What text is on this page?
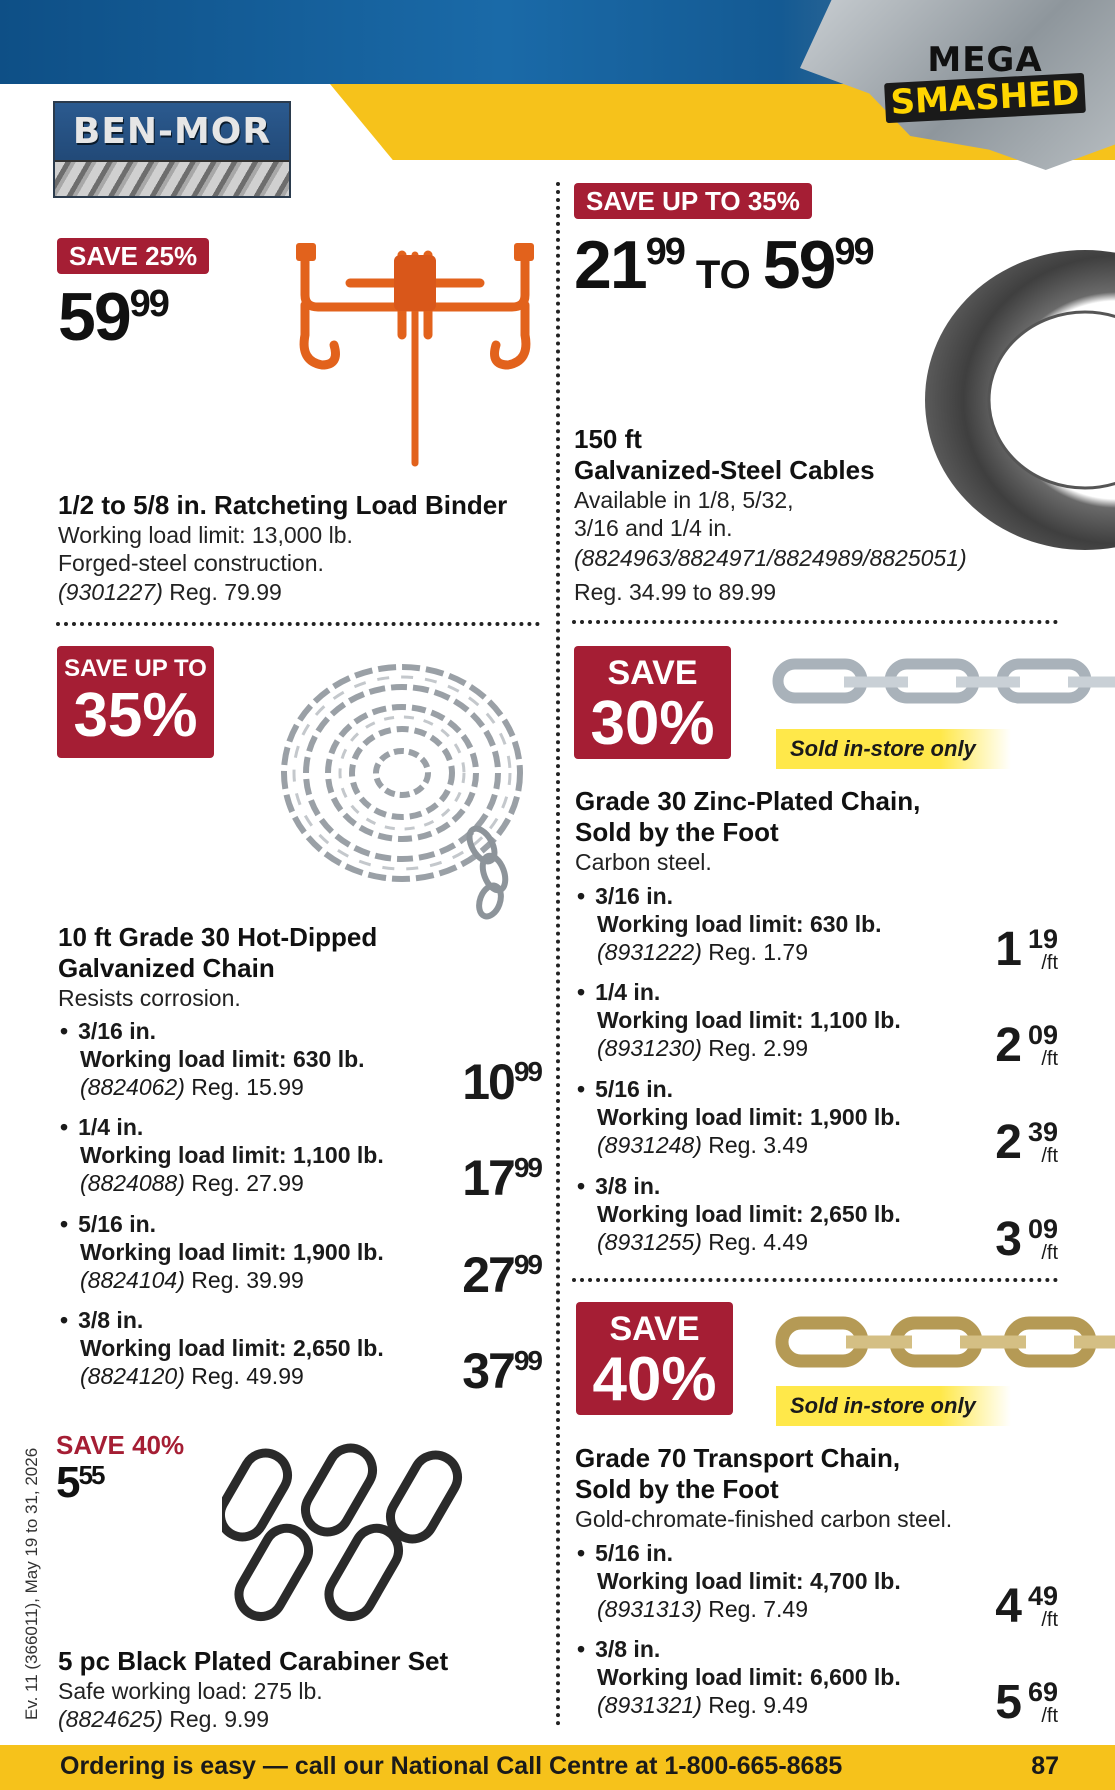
MEGA
SMASHED
BEN-MOR
SAVE 25%
5999
1/2 to 5/8 in. Ratcheting Load Binder
Working load limit: 13,000 lb.
Forged-steel construction.
(9301227) Reg. 79.99
SAVE UP TO 35%
2199TO 5999
150 ft
Galvanized-Steel Cables
Available in 1/8, 5/32,
3/16 and 1/4 in.
(8824963/8824971/8824989/8825051)
Reg. 34.99 to 89.99
SAVE UP TO
35%
10 ft Grade 30 Hot-Dipped
Galvanized Chain
Resists corrosion.
• 3/16 in.
Working load limit: 630 lb.
(8824062) Reg. 15.99	1099
• 1/4 in.
Working load limit: 1,100 lb.
(8824088) Reg. 27.99	1799
• 5/16 in.
Working load limit: 1,900 lb.
(8824104) Reg. 39.99	2799
• 3/8 in.
Working load limit: 2,650 lb.
(8824120) Reg. 49.99	3799
SAVE 40%
555
5 pc Black Plated Carabiner Set
Safe working load: 275 lb.
(8824625) Reg. 9.99
SAVE
30%	Sold in-store only
Grade 30 Zinc-Plated Chain,
Sold by the Foot
Carbon steel.
• 3/16 in.
Working load limit: 630 lb.
(8931222) Reg. 1.79	1 19
/ft
• 1/4 in.
Working load limit: 1,100 lb.
(8931230) Reg. 2.99	2 09
/ft
• 5/16 in.
Working load limit: 1,900 lb.
(8931248) Reg. 3.49	2 39
/ft
• 3/8 in.
Working load limit: 2,650 lb.
(8931255) Reg. 4.49	3 09
/ft
SAVE
40%	Sold in-store only
Grade 70 Transport Chain,
Sold by the Foot
Gold-chromate-finished carbon steel.
• 5/16 in.
Working load limit: 4,700 lb.
(8931313) Reg. 7.49	4 49
/ft
• 3/8 in.
Working load limit: 6,600 lb.
(8931321) Reg. 9.49	5 69
/ft
Ev. 11 (366011), May 19 to 31, 2026
Ordering is easy — call our National Call Centre at 1-800-665-8685	87
